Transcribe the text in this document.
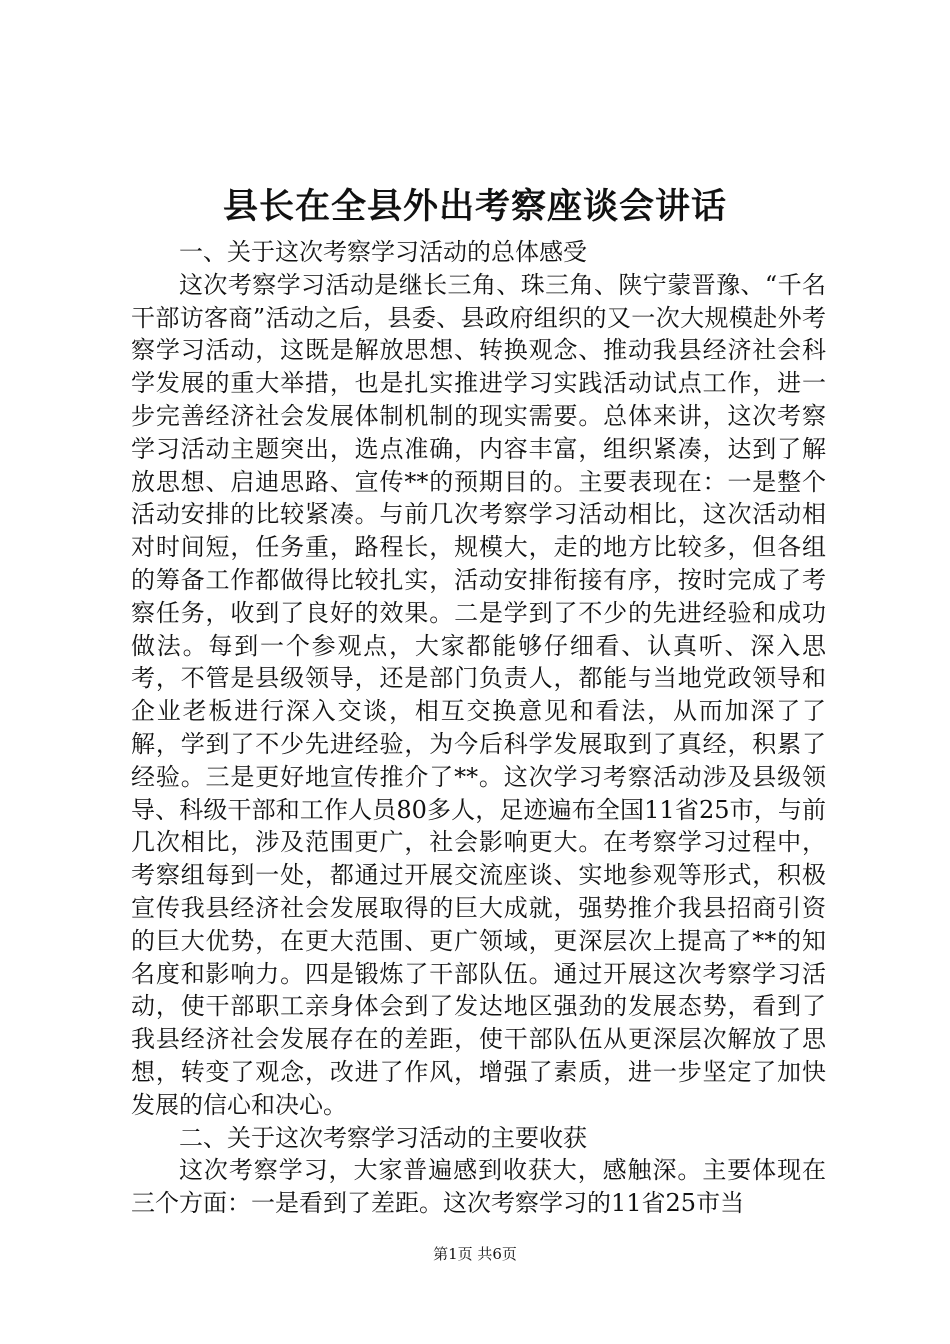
县长在全县外出考察座谈会讲话

一、关于这次考察学习活动的总体感受

这次考察学习活动是继长三角、珠三角、陕宁蒙晋豫、“千名干部访客商”活动之后，县委、县政府组织的又一次大规模赴外考察学习活动，这既是解放思想、转换观念、推动我县经济社会科学发展的重大举措，也是扎实推进学习实践活动试点工作，进一步完善经济社会发展体制机制的现实需要。总体来讲，这次考察学习活动主题突出，选点准确，内容丰富，组织紧凑，达到了解放思想、启迪思路、宣传**的预期目的。主要表现在：一是整个活动安排的比较紧凑。与前几次考察学习活动相比，这次活动相对时间短，任务重，路程长，规模大，走的地方比较多，但各组的筹备工作都做得比较扎实，活动安排衔接有序，按时完成了考察任务，收到了良好的效果。二是学到了不少的先进经验和成功做法。每到一个参观点，大家都能够仔细看、认真听、深入思考，不管是县级领导，还是部门负责人，都能与当地党政领导和企业老板进行深入交谈，相互交换意见和看法，从而加深了了解，学到了不少先进经验，为今后科学发展取到了真经，积累了经验。三是更好地宣传推介了**。这次学习考察活动涉及县级领导、科级干部和工作人员80多人，足迹遍布全国11省25市，与前几次相比，涉及范围更广，社会影响更大。在考察学习过程中，考察组每到一处，都通过开展交流座谈、实地参观等形式，积极宣传我县经济社会发展取得的巨大成就，强势推介我县招商引资的巨大优势，在更大范围、更广领域，更深层次上提高了**的知名度和影响力。四是锻炼了干部队伍。通过开展这次考察学习活动，使干部职工亲身体会到了发达地区强劲的发展态势，看到了我县经济社会发展存在的差距，使干部队伍从更深层次解放了思想，转变了观念，改进了作风，增强了素质，进一步坚定了加快发展的信心和决心。

二、关于这次考察学习活动的主要收获

这次考察学习，大家普遍感到收获大，感触深。主要体现在三个方面：一是看到了差距。这次考察学习的11省25市当

第1页 共6页
